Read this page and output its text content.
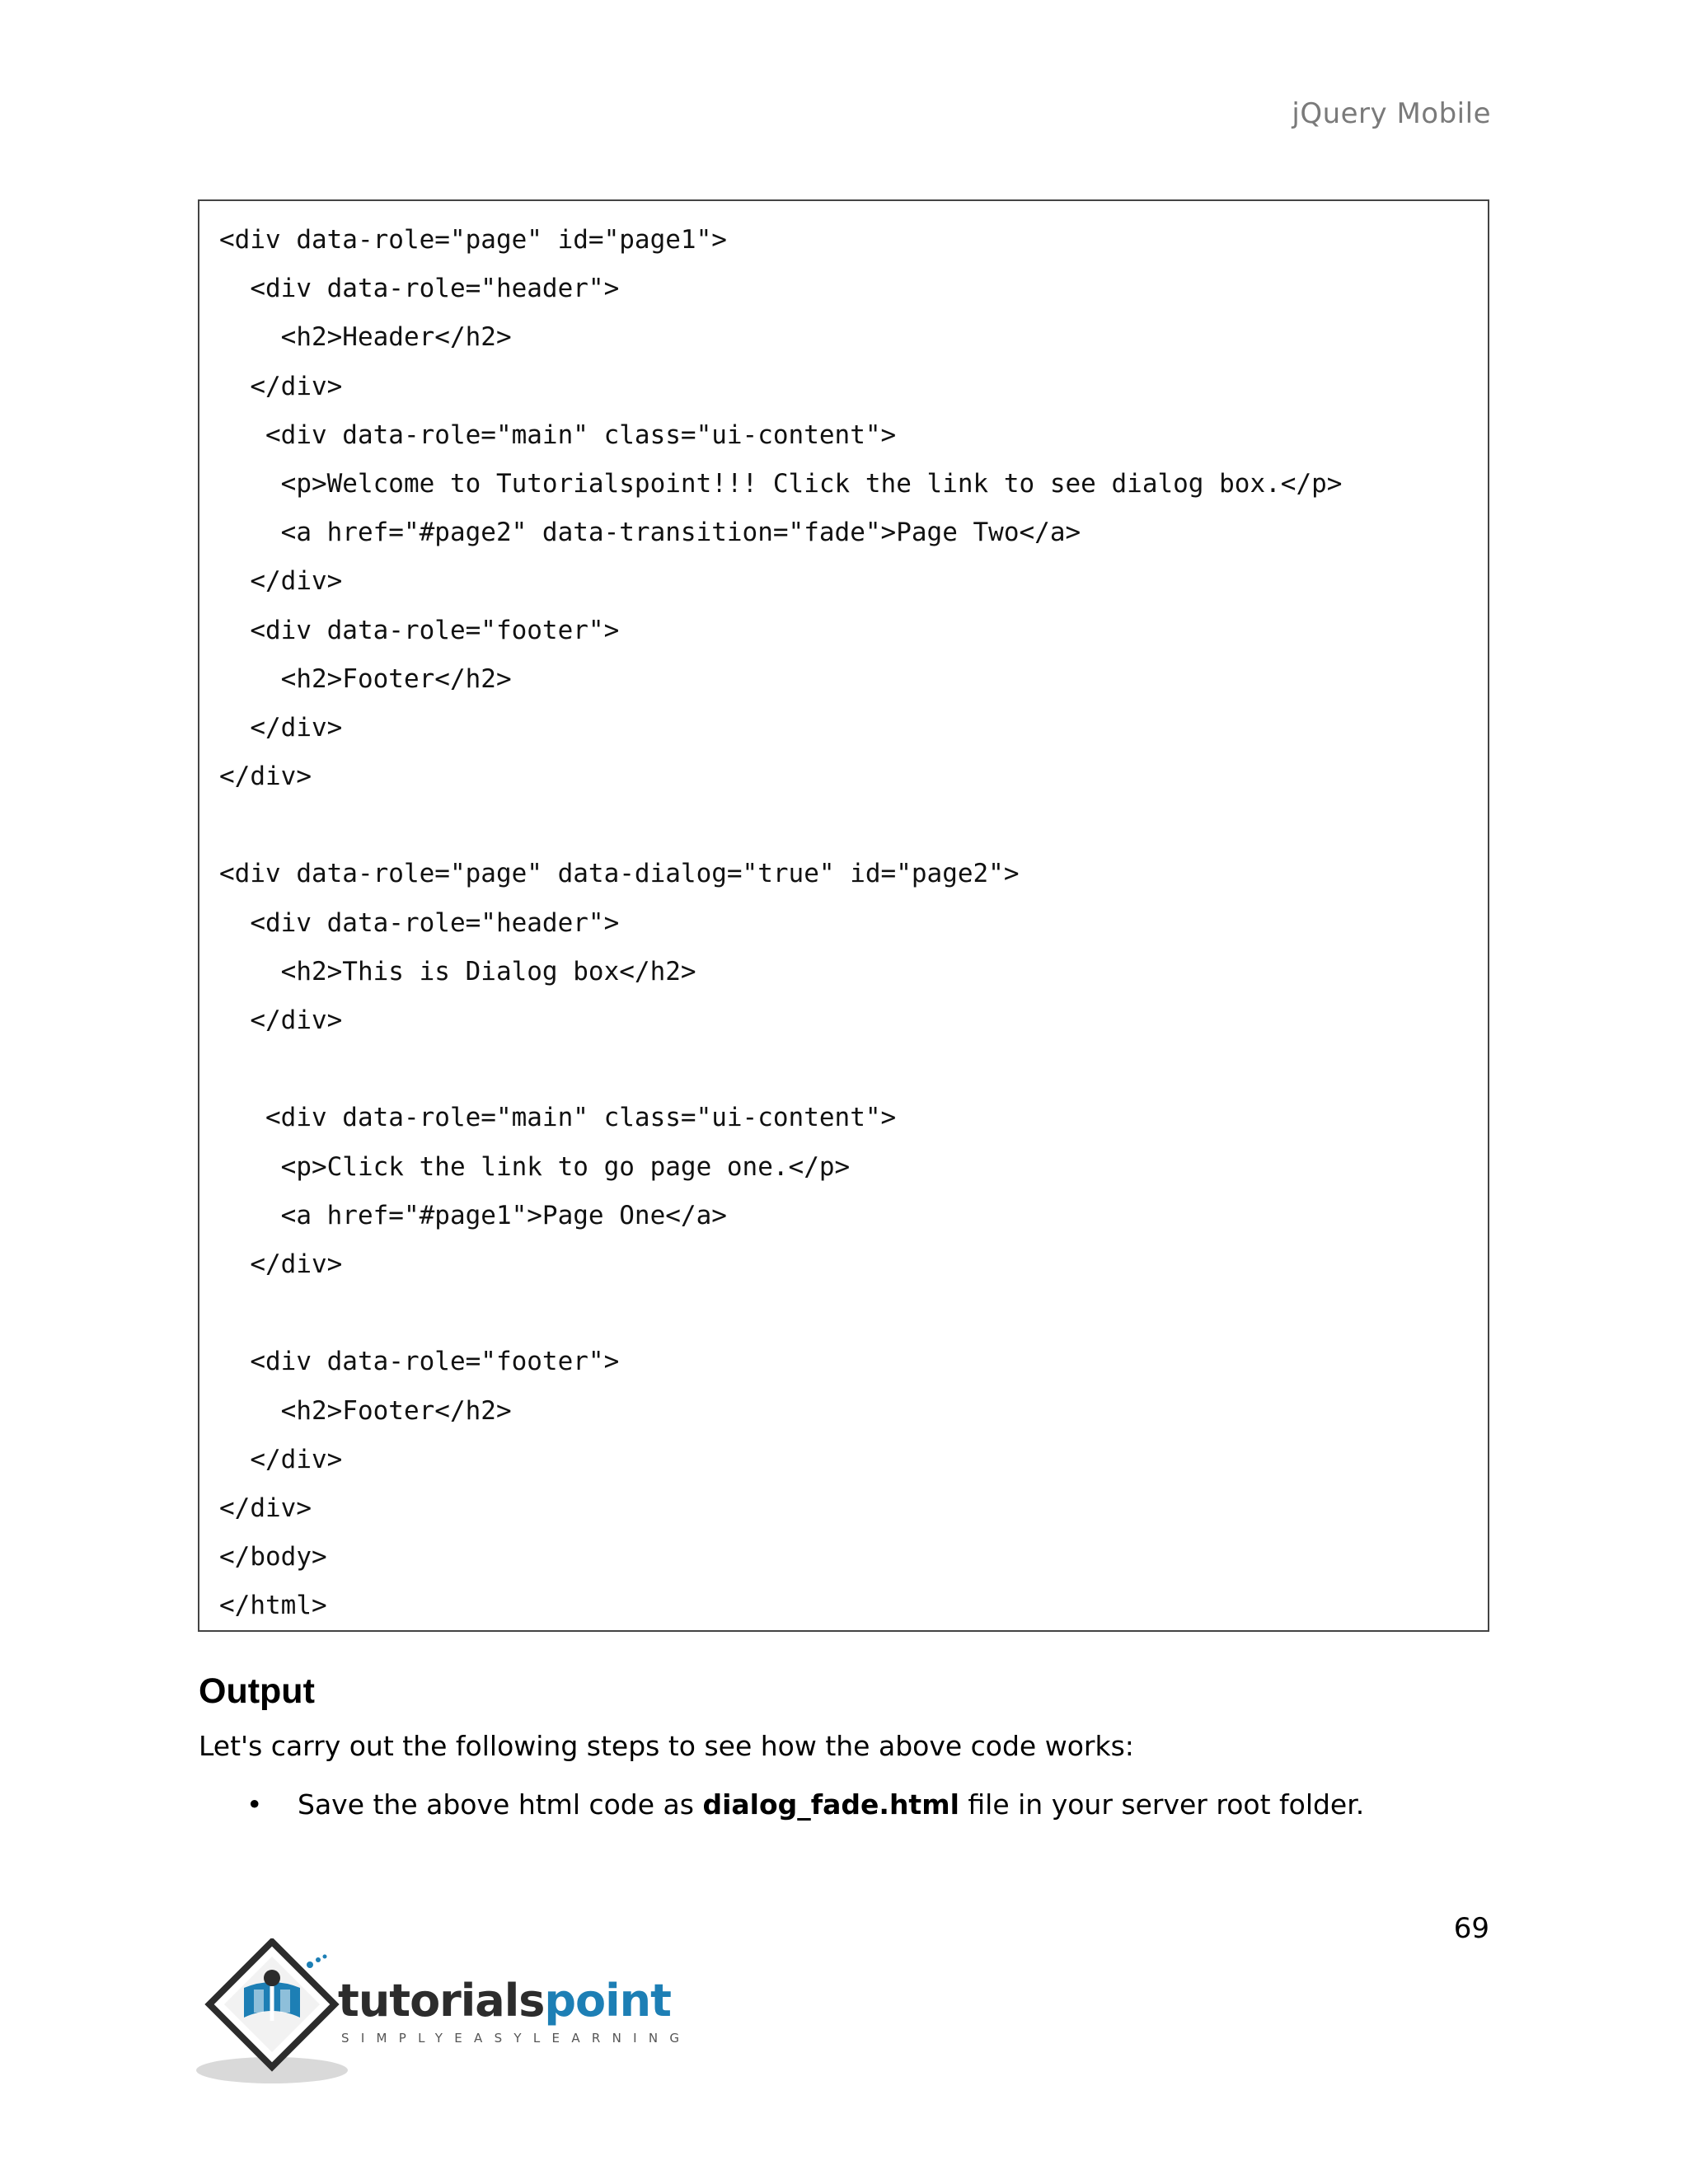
jQuery Mobile
<div data-role="page" id="page1">
<div data-role="header">
<h2>Header</h2>
</div>
<div data-role="main" class="ui-content">
<p>Welcome to Tutorialspoint!!! Click the link to see dialog box.</p>
<a href="#page2" data-transition="fade">Page Two</a>
</div>
<div data-role="footer">
<h2>Footer</h2>
</div>
</div>
<div data-role="page" data-dialog="true" id="page2">
<div data-role="header">
<h2>This is Dialog box</h2>
</div>
<div data-role="main" class="ui-content">
<p>Click the link to go page one.</p>
<a href="#page1">Page One</a>
</div>
<div data-role="footer">
<h2>Footer</h2>
</div>
</div>
</body>
</html>
Output
Let's carry out the following steps to see how the above code works:
•	Save the above html code as dialog_fade.html file in your server root folder.
69
tutorialspoint
SIMPLYEASYLEARNING
